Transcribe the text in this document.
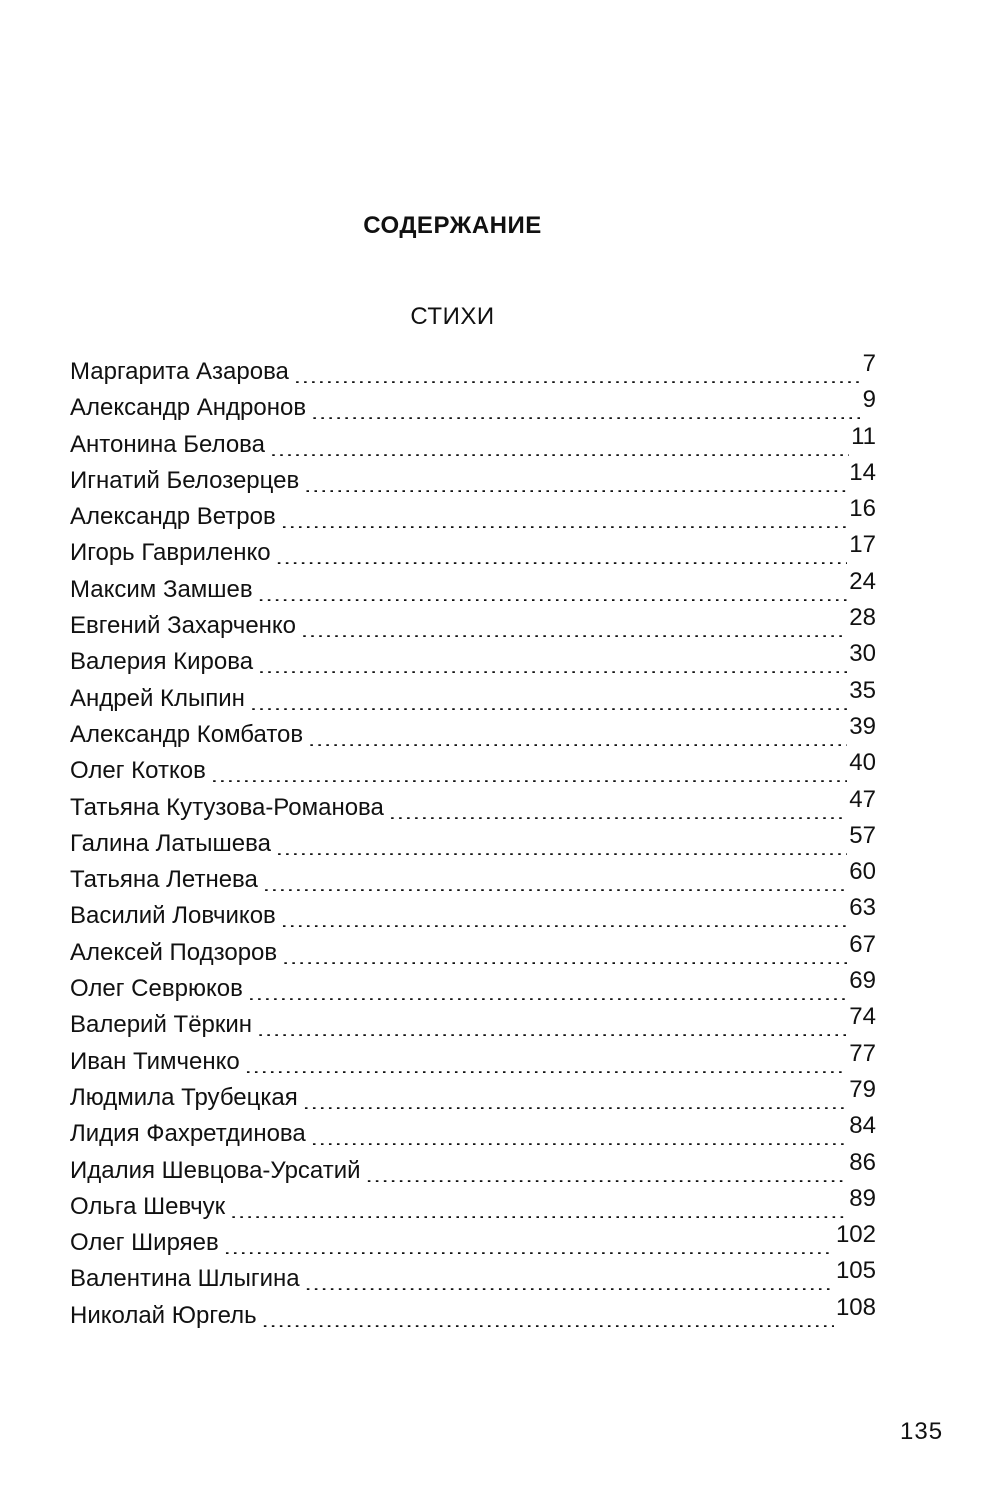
СОДЕРЖАНИЕ
СТИХИ
Маргарита Азарова . . .	7
Александр Андронов . . .	9
Антонина Белова . . .	11
Игнатий Белозерцев . . .	14
Александр Ветров . . .	16
Игорь Гавриленко . . .	17
Максим Замшев . . .	24
Евгений Захарченко . . .	28
Валерия Кирова . . .	30
Андрей Клыпин . . .	35
Александр Комбатов . . .	39
Олег Котков . . .	40
Татьяна Кутузова-Романова . . .	47
Галина Латышева . . .	57
Татьяна Летнева . . .	60
Василий Ловчиков . . .	63
Алексей Подзоров . . .	67
Олег Севрюков . . .	69
Валерий Тёркин . . .	74
Иван Тимченко . . .	77
Людмила Трубецкая . . .	79
Лидия Фахретдинова . . .	84
Идалия Шевцова-Урсатий . . .	86
Ольга Шевчук . . .	89
Олег Ширяев . . .	102
Валентина Шлыгина . . .	105
Николай Юргель . . .	108
135
